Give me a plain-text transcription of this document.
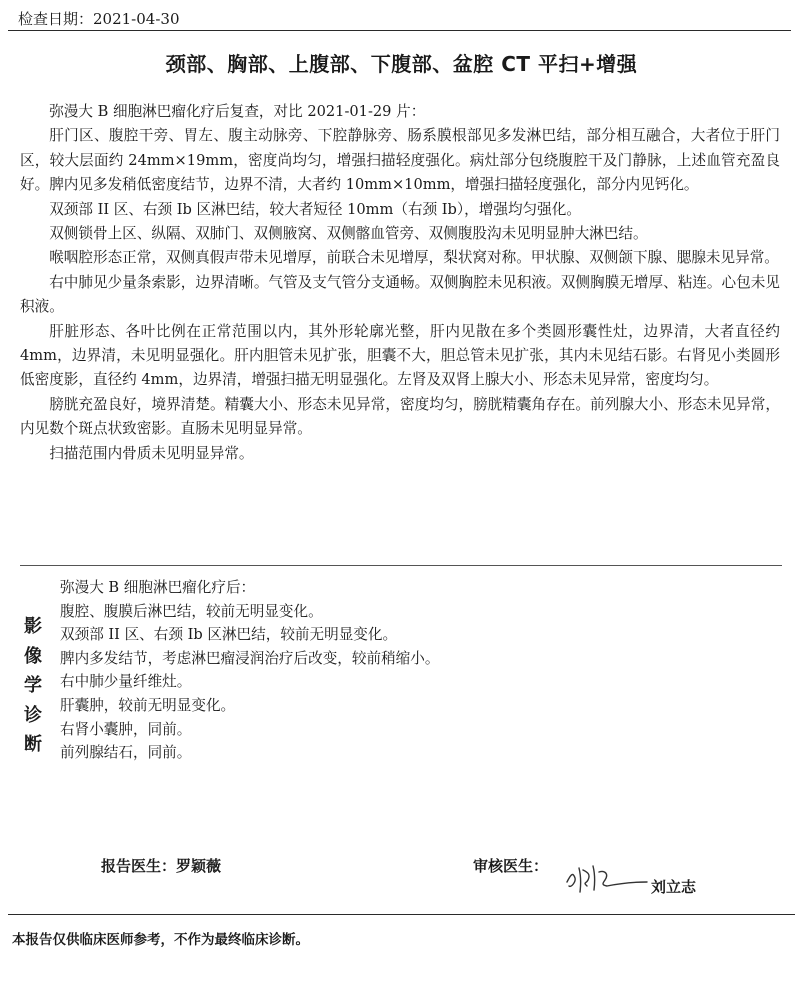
检查日期：2021-04-30
颈部、胸部、上腹部、下腹部、盆腔 CT 平扫+增强

弥漫大 B 细胞淋巴瘤化疗后复查，对比 2021-01-29 片：

肝门区、腹腔干旁、胃左、腹主动脉旁、下腔静脉旁、肠系膜根部见多发淋巴结，部分相互融合，大者位于肝门区，较大层面约 24mm×19mm，密度尚均匀，增强扫描轻度强化。病灶部分包绕腹腔干及门静脉，上述血管充盈良好。脾内见多发稍低密度结节，边界不清，大者约 10mm×10mm，增强扫描轻度强化，部分内见钙化。

双颈部 II 区、右颈 Ib 区淋巴结，较大者短径 10mm（右颈 Ib），增强均匀强化。

双侧锁骨上区、纵隔、双肺门、双侧腋窝、双侧髂血管旁、双侧腹股沟未见明显肿大淋巴结。

喉咽腔形态正常，双侧真假声带未见增厚，前联合未见增厚，梨状窝对称。甲状腺、双侧颌下腺、腮腺未见异常。

右中肺见少量条索影，边界清晰。气管及支气管分支通畅。双侧胸腔未见积液。双侧胸膜无增厚、粘连。心包未见积液。

肝脏形态、各叶比例在正常范围以内，其外形轮廓光整，肝内见散在多个类圆形囊性灶，边界清，大者直径约 4mm，边界清，未见明显强化。肝内胆管未见扩张，胆囊不大，胆总管未见扩张，其内未见结石影。右肾见小类圆形低密度影，直径约 4mm，边界清，增强扫描无明显强化。左肾及双肾上腺大小、形态未见异常，密度均匀。

膀胱充盈良好，境界清楚。精囊大小、形态未见异常，密度均匀，膀胱精囊角存在。前列腺大小、形态未见异常，内见数个斑点状致密影。直肠未见明显异常。

扫描范围内骨质未见明显异常。

影
像
学
诊
断
弥漫大 B 细胞淋巴瘤化疗后：
腹腔、腹膜后淋巴结，较前无明显变化。
双颈部 II 区、右颈 Ib 区淋巴结，较前无明显变化。
脾内多发结节，考虑淋巴瘤浸润治疗后改变，较前稍缩小。
右中肺少量纤维灶。
肝囊肿，较前无明显变化。
右肾小囊肿，同前。
前列腺结石，同前。
报告医生：罗颖薇	审核医生：
刘立志
本报告仅供临床医师参考，不作为最终临床诊断。
